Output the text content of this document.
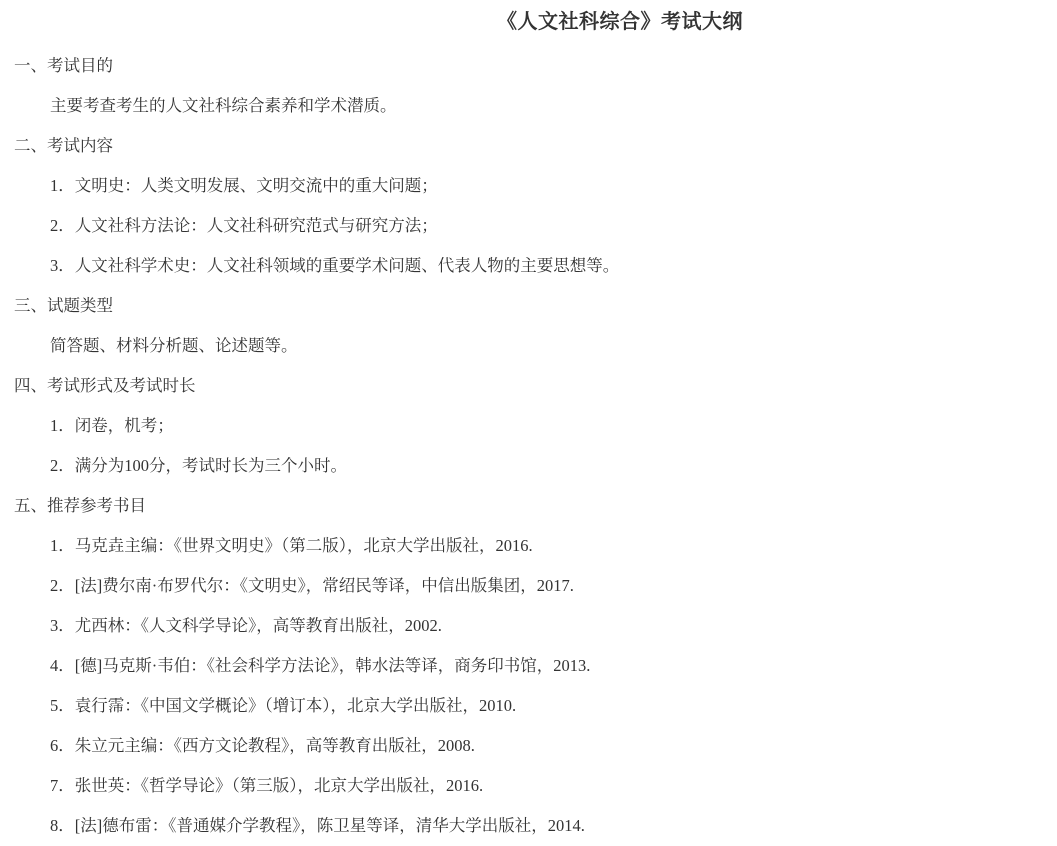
《人文社科综合》考试大纲
一、考试目的
主要考查考生的人文社科综合素养和学术潜质。
二、考试内容
1．文明史：人类文明发展、文明交流中的重大问题；
2．人文社科方法论：人文社科研究范式与研究方法；
3．人文社科学术史：人文社科领域的重要学术问题、代表人物的主要思想等。
三、试题类型
简答题、材料分析题、论述题等。
四、考试形式及考试时长
1．闭卷，机考；
2．满分为100分，考试时长为三个小时。
五、推荐参考书目
1．马克垚主编：《世界文明史》（第二版），北京大学出版社，2016.
2．[法]费尔南·布罗代尔：《文明史》，常绍民等译，中信出版集团，2017.
3．尤西林：《人文科学导论》，高等教育出版社，2002.
4．[德]马克斯·韦伯：《社会科学方法论》，韩水法等译，商务印书馆，2013.
5．袁行霈：《中国文学概论》（增订本），北京大学出版社，2010.
6．朱立元主编：《西方文论教程》，高等教育出版社，2008.
7．张世英：《哲学导论》（第三版），北京大学出版社，2016.
8．[法]德布雷：《普通媒介学教程》，陈卫星等译，清华大学出版社，2014.
